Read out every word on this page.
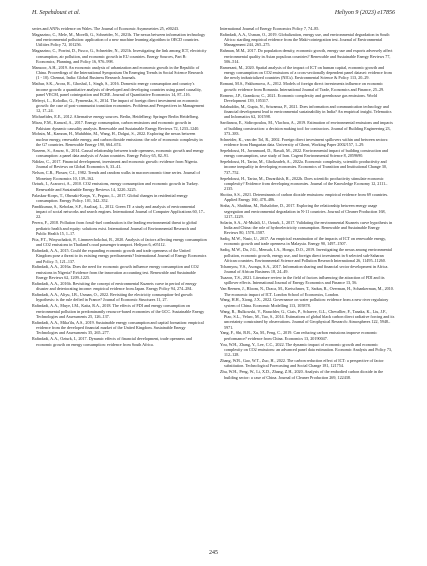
H. Sepehdoust et al.	Heliyon 9 (2023) e17856
series and ANNs evidence on Wales. The Journal of Economic Asymmetries 25, e00243.
Magazzino, C., Mele, M., Morelli, G., Schneider, N., 2021b. The nexus between information technology and environmental pollution: application of a new machine learning algorithm to OECD countries. Utilities Policy 72, 101256.
Magazzino, C., Porrini, D., Fusco, G., Schneider, N., 2021b. Investigating the link among ICT, electricity consumption, air pollution, and economic growth in EU countries. Energy Sources, Part B: Economics, Planning, and Policy 16, 976–998.
Mansoor, A.H., 2019. An economic analysis of urbanization and economic growth in the Republic of China. Proceedings of the International Symposium On Emerging Trends in Social Science Research (1 - 10). Chennai, India: Global Business Research Journals.
Mathur, S.K., Arora, R., Ghoshal, I., Singh, S., 2016. Domestic energy consumption and country's income growth: a quantitative analysis of developed and developing countries using panel causality, panel VECM, panel cointegration and ECRE. Journal of Quantitative Economics 14, 87–116.
Meleryi, L., Kolodko, G., Fymenska, S., 2014. The impact of foreign direct investment on economic growth: the case of post-communist transition economies. Problems and Perspectives in Management 12, 17–24.
Michaelides, E.E., 2012. Alternative energy sources. Berlin, Heidelberg: Springer Berlin Heidelberg.
Mirza, F.M., Kanwal, A., 2017. Energy consumption, carbon emissions and economic growth in Pakistan: dynamic causality analysis. Renewable and Sustainable Energy Reviews 72, 1233–1240.
Mohsin, M., Kamran, H., Muhibbin, M., Wang, H., Dolgui, S., 2022. Exploring the nexus between nuclear energy, renewable energy, and carbon dioxide emissions: the role of economic complexity in the G7 countries. Renewable Energy 190, 664–674.
Naseem, S., Anwar, S., 2014. Causal relationship between trade openness, economic growth and energy consumption: a panel data analysis of Asian countries. Energy Policy 65, 82–91.
Ndidzo, C., 2017. Financial development, investment and economic growth: evidence from Nigeria. Journal of Reviews on Global Economics 6, 33–41.
Nelson, C.R., Plosser, C.I., 1982. Trends and random walks in macroeconomic time series. Journal of Monetary Economics 10, 139–162.
Ozturk, I., Acaravci, A., 2010. CO2 emissions, energy consumption and economic growth in Turkey. Renewable and Sustainable Energy Reviews 14, 3220–3225.
Palaskas-Korps, T., Ohrnaki-Korps, Y., Pegaso, L., 2017. Global changes in residential energy consumption. Energy Policy. 101, 342–352.
Pandikumar, S., Kebolan, S.F., Azalizaj, L., 2012. Green IT: a study and analysis of environmental impact of social networks and search engines. International Journal of Computer Applications 60, 17–22.
Perera, F., 2018. Pollution from fossil-fuel combustion is the leading environmental threat to global pediatric health and equity: solutions exist. International Journal of Environmental Research and Public Health 15, 1–17.
Pita, P.T., Winyuchakrit, P., Limmeechokchai, B., 2020. Analysis of factors affecting energy consumption and CO2 emissions in Thailand's road passenger transport. Heliyon 6, e05112.
Rafindadi, A.A., 2015. Could the expanding economic growth and trade openness of the United Kingdom pose a threat to its existing energy predicaments? International Journal of Energy Economics and Policy. 5, 121–137.
Rafindadi, A.A., 2016a. Does the need for economic growth influence energy consumption and CO2 emissions in Nigeria? Evidence from the innovation accounting test. Renewable and Sustainable Energy Reviews 62, 1209–1225.
Rafindadi, A.A., 2016b. Revisiting the concept of environmental Kuznets curve in period of energy disaster and deteriorating income: empirical evidence from Japan. Energy Policy 94, 274–284.
Rafindadi, A.A., Aliyu, I.B., Usman, O., 2022. Revisiting the electricity consumption-led growth hypothesis: is the rule defied in France? Journal of Economic Structures 11, 27.
Rafindadi, A.A., Muye, I.M., Kaita, R.A., 2018. The effects of FDI and energy consumption on environmental pollution in predominantly resource-based economies of the GCC. Sustainable Energy Technologies and Assessments 25, 126–137.
Rafindadi, A.A., Mika'ilu, A.S., 2019. Sustainable energy consumption and capital formation: empirical evidence from the developed financial market of the United Kingdom. Sustainable Energy Technologies and Assessments 35, 265–277.
Rafindadi, A.A., Ozturk, I., 2017. Dynamic effects of financial development, trade openness and economic growth on energy consumption: evidence from South Africa.
International Journal of Energy Economics Policy 7, 74–85.
Rafindadi, A.A., Usman, O., 2019. Globalization, energy use, and environmental degradation in South Africa: startling empirical evidence from the Maki-cointegration test. Journal of Environmental Management 244, 265–275.
Rahman, M.M., 2017. Do population density, economic growth, energy use and exports adversely affect environmental quality in Asian populous countries? Renewable and Sustainable Energy Reviews 77, 506–514.
Ramezani, M., 2020. Spatial analysis of the impact of ICT on human capital, economic growth and energy consumption on CO2 emissions of a cross-sectionally dependent panel dataset: evidence from the newly industrialized countries (NICs). Environmental Science & Policy 113, 20–29.
Romani, M.S., Pakhomova, A., 2012. Models of foreign direct investments influence on economic growth: evidence from Romania. International Journal of Trade, Economics and Finance, 25–29.
Romero, J.P., Gramkow, C., 2021. Economic complexity and greenhouse gas emissions. World Development 139, 105317.
Salahuddin, M., Gupta, N., Sriwamsa, P., 2021. Does information and communication technology and financial development lead to environmental sustainability in India? An empirical insight. Telematics and Informatics 62, 101598.
Sardianou, E., Sidiropoulou, M., Vlachou, A., 2019. Estimation of environmental emissions and impacts of building construction: a decision making tool for contractors. Journal of Building Engineering 23, 373–383.
Schneider, K., van der Tol, R., 2002. Foreign direct investment spillovers within and between sectors: evidence from Hungarian data. University of Ghent, Working Paper 2002/157, 1–29.
Sepehdoust, H., Javanmard, D., Rasuli, M., 2022. Environmental impact of building construction and energy consumption, case study of Iran. Cogent Environmental Science 8, 2059690.
Sepehdoust, H., Tartar, M., Gholizadeh, A., 2022a. Economic complexity, scientific productivity and income inequality in developing economies. Economics of Transition and Institutional Change 30, 737–752.
Sepehdoust, H., Tartar, M., Davarikish, R., 2022b. Does scientific productivity stimulate economic complexity? Evidence from developing economies. Journal of the Knowledge Economy 12, 2111–2135.
Shoitra, S.S., 2021. Determinants of carbon dioxide emissions: empirical evidence from 69 countries. Applied Energy 160, 478–486.
Sinha, A., Shahbaz, M., Balsalobre, D., 2017. Exploring the relationship between energy usage segregation and environmental degradation in N-11 countries. Journal of Cleaner Production 168, 1217–1229.
Solarin, S.A., Al-Mulali, U., Ozturk, I., 2017. Validating the environmental Kuznets curve hypothesis in India and China: the role of hydroelectricity consumption. Renewable and Sustainable Energy Reviews 80, 1578–1587.
Sadiq, M.W., Nasir, U., 2017. An empirical examination of the impacts of ICT on renewable energy, economic growth and trade openness in Malaysia. Energy 90, 1497–1507.
Sadiq, M.W., Du, J.G., Mensah, I.A., Hongo, D.O., 2019. Investigating the nexus among environmental pollution, economic growth, energy use, and foreign direct investment in 6 selected sub-Saharan African countries. Environmental Science and Pollution Research International 26, 11495–11260.
Tchamyou, V.S., Asongu, S.A., 2017. Information sharing and financial sector development in Africa. Journal of African Business 18, 24–49.
Tuazon, T.S., 2021. Literature review in the field of factors influencing the attraction of FDI and its spillover effects. International Journal of Energy Economics and Finance 13, 56.
Van Reenen, J., Bloom, N., Draca, M., Kretschmer, T., Sadun, R., Overman, H., Schankerman, M., 2010. The economic impact of ICT. London School of Economics, London.
Wang, H.H., Xiong, J.X., 2022. Governance on water pollution: evidence from a new river regulatory system of China. Economic Modelling 113, 105878.
Wang, R., Bulkowski, V., Brauchler, G., Ciais, P., Schaeve, G.L., Chevallier, F., Tanaka, K., Liu, J.F., Piao, S.L., Velarc, M., Tao, S., 2014. Estimations of global black carbon direct radiative forcing and its uncertainty constrained by observations. Journal of Geophysical Research: Atmospheres 122, 5948–5971.
Yang, F., Shi, B.B., Xu, M., Feng, C., 2019. Can reducing carbon emissions improve economic performance? evidence from China. Economics 13, 20190047.
You, W.H., Zhang, Y., Lee, C.C., 2022. The dynamic impact of economic growth and economic complexity on CO2 emissions: an advanced panel data estimation. Economic Analysis and Policy 73, 112–128.
Zhang, W.B., Gao, W.T., Zuo, H., 2022. The carbon reduction effect of ICT: a perspective of factor substitution. Technological Forecasting and Social Change 181, 121754.
Zhu, W.H., Peng, W., Li, X.D., Zhang, Z.H., 2020. Analysis of the embodied carbon dioxide in the building sector: a case of China. Journal of Cleaner Production 269, 122438.
245
